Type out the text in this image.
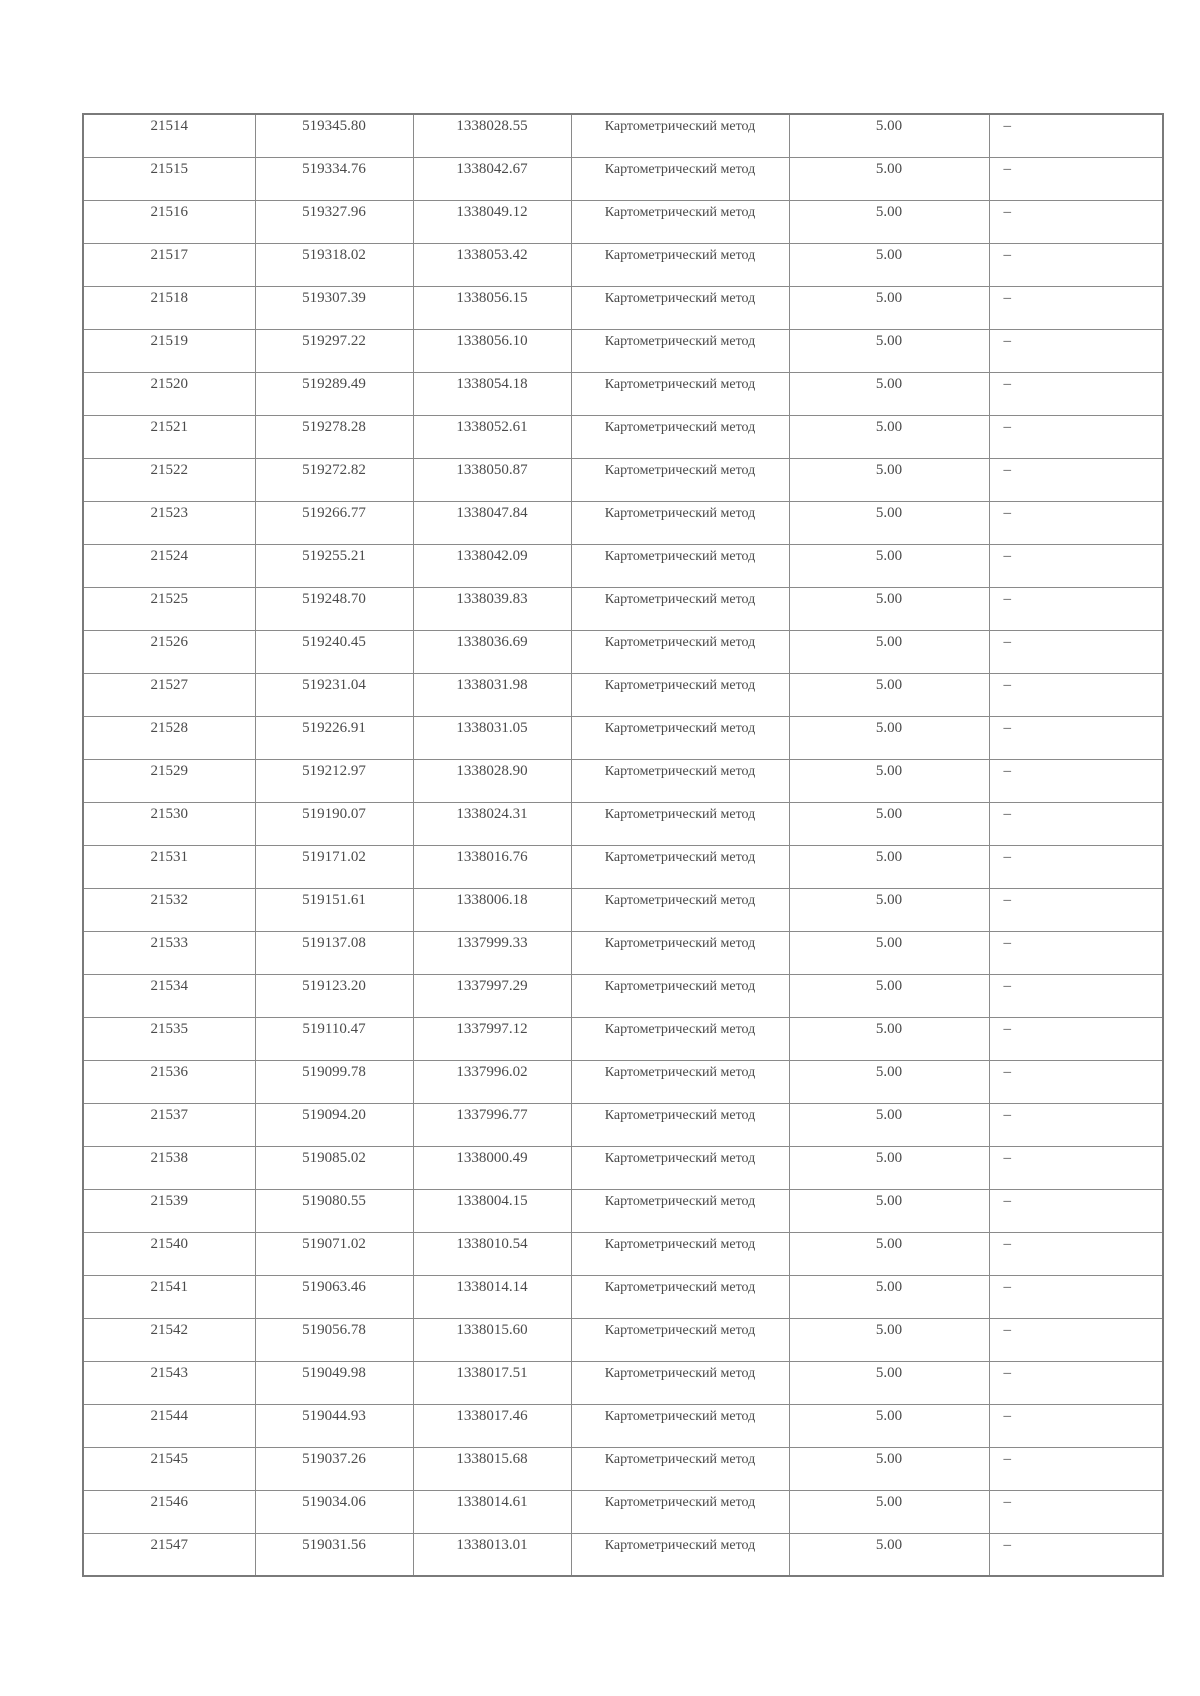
21514	519345.80	1338028.55	Картометрический метод	5.00	–
21515	519334.76	1338042.67	Картометрический метод	5.00	–
21516	519327.96	1338049.12	Картометрический метод	5.00	–
21517	519318.02	1338053.42	Картометрический метод	5.00	–
21518	519307.39	1338056.15	Картометрический метод	5.00	–
21519	519297.22	1338056.10	Картометрический метод	5.00	–
21520	519289.49	1338054.18	Картометрический метод	5.00	–
21521	519278.28	1338052.61	Картометрический метод	5.00	–
21522	519272.82	1338050.87	Картометрический метод	5.00	–
21523	519266.77	1338047.84	Картометрический метод	5.00	–
21524	519255.21	1338042.09	Картометрический метод	5.00	–
21525	519248.70	1338039.83	Картометрический метод	5.00	–
21526	519240.45	1338036.69	Картометрический метод	5.00	–
21527	519231.04	1338031.98	Картометрический метод	5.00	–
21528	519226.91	1338031.05	Картометрический метод	5.00	–
21529	519212.97	1338028.90	Картометрический метод	5.00	–
21530	519190.07	1338024.31	Картометрический метод	5.00	–
21531	519171.02	1338016.76	Картометрический метод	5.00	–
21532	519151.61	1338006.18	Картометрический метод	5.00	–
21533	519137.08	1337999.33	Картометрический метод	5.00	–
21534	519123.20	1337997.29	Картометрический метод	5.00	–
21535	519110.47	1337997.12	Картометрический метод	5.00	–
21536	519099.78	1337996.02	Картометрический метод	5.00	–
21537	519094.20	1337996.77	Картометрический метод	5.00	–
21538	519085.02	1338000.49	Картометрический метод	5.00	–
21539	519080.55	1338004.15	Картометрический метод	5.00	–
21540	519071.02	1338010.54	Картометрический метод	5.00	–
21541	519063.46	1338014.14	Картометрический метод	5.00	–
21542	519056.78	1338015.60	Картометрический метод	5.00	–
21543	519049.98	1338017.51	Картометрический метод	5.00	–
21544	519044.93	1338017.46	Картометрический метод	5.00	–
21545	519037.26	1338015.68	Картометрический метод	5.00	–
21546	519034.06	1338014.61	Картометрический метод	5.00	–
21547	519031.56	1338013.01	Картометрический метод	5.00	–
